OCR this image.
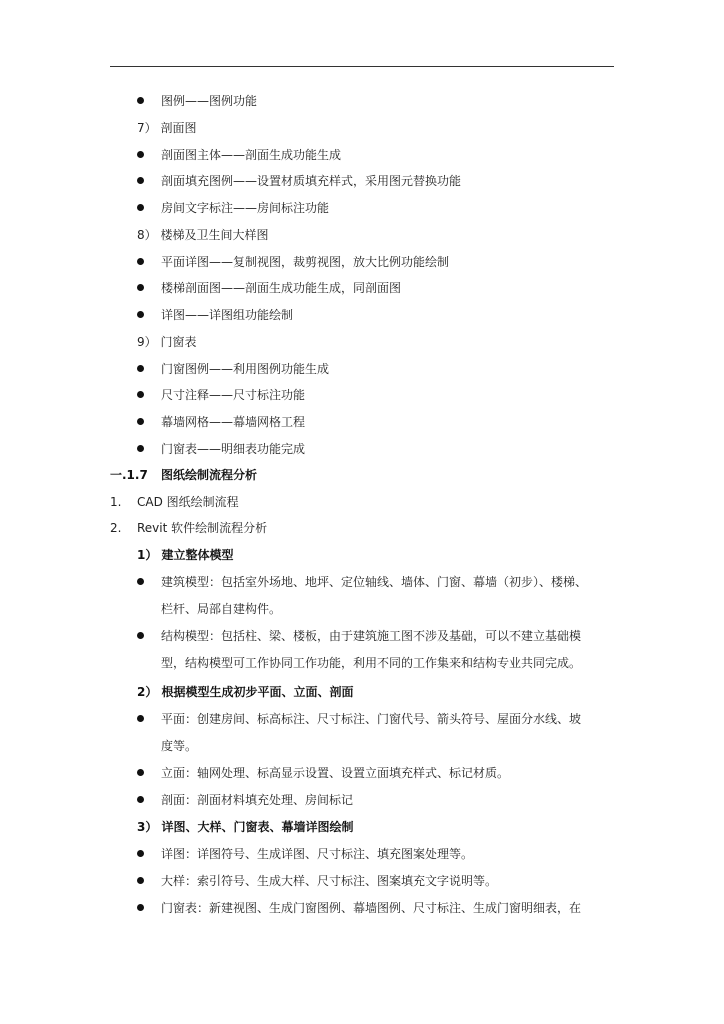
图例——图例功能
7） 剖面图
剖面图主体——剖面生成功能生成
剖面填充图例——设置材质填充样式，采用图元替换功能
房间文字标注——房间标注功能
8） 楼梯及卫生间大样图
平面详图——复制视图，裁剪视图，放大比例功能绘制
楼梯剖面图——剖面生成功能生成，同剖面图
详图——详图组功能绘制
9） 门窗表
门窗图例——利用图例功能生成
尺寸注释——尺寸标注功能
幕墙网格——幕墙网格工程
门窗表——明细表功能完成
一.1.7 图纸绘制流程分析
1. CAD 图纸绘制流程
2. Revit 软件绘制流程分析
1） 建立整体模型
建筑模型：包括室外场地、地坪、定位轴线、墙体、门窗、幕墙（初步）、楼梯、
栏杆、局部自建构件。
结构模型：包括柱、梁、楼板，由于建筑施工图不涉及基础，可以不建立基础模
型，结构模型可工作协同工作功能，利用不同的工作集来和结构专业共同完成。
2） 根据模型生成初步平面、立面、剖面
平面：创建房间、标高标注、尺寸标注、门窗代号、箭头符号、屋面分水线、坡
度等。
立面：轴网处理、标高显示设置、设置立面填充样式、标记材质。
剖面：剖面材料填充处理、房间标记
3） 详图、大样、门窗表、幕墙详图绘制
详图：详图符号、生成详图、尺寸标注、填充图案处理等。
大样：索引符号、生成大样、尺寸标注、图案填充文字说明等。
门窗表：新建视图、生成门窗图例、幕墙图例、尺寸标注、生成门窗明细表，在
